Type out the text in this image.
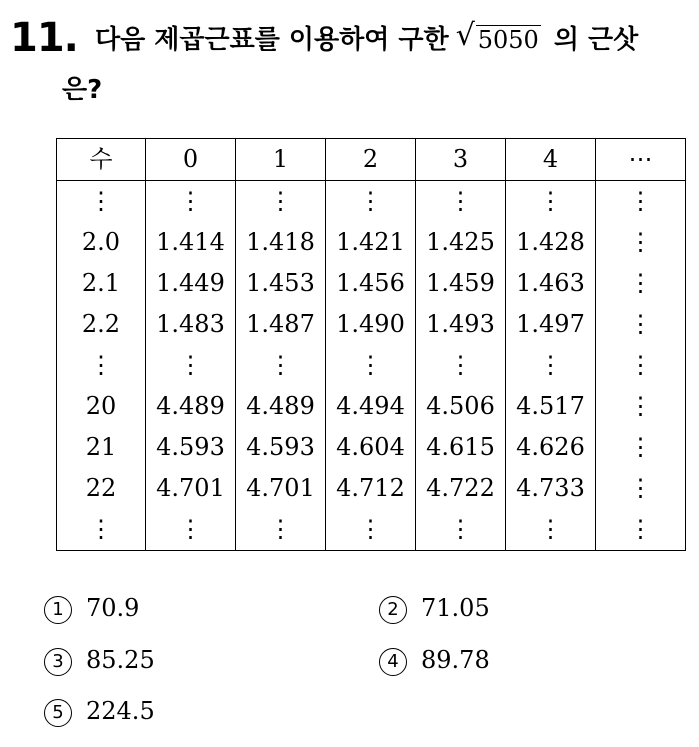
11. 다음 제곱근표를 이용하여 구한 √ 5050 의 근삿
은?
수	0	1	2	3	4	⋯
⋮	⋮	⋮	⋮	⋮	⋮	⋮
2.0	1.414	1.418	1.421	1.425	1.428	⋮
2.1	1.449	1.453	1.456	1.459	1.463	⋮
2.2	1.483	1.487	1.490	1.493	1.497	⋮
⋮	⋮	⋮	⋮	⋮	⋮	⋮
20	4.489	4.489	4.494	4.506	4.517	⋮
21	4.593	4.593	4.604	4.615	4.626	⋮
22	4.701	4.701	4.712	4.722	4.733	⋮
⋮	⋮	⋮	⋮	⋮	⋮	⋮
1 70.9	2 71.05
3 85.25	4 89.78
5 224.5
